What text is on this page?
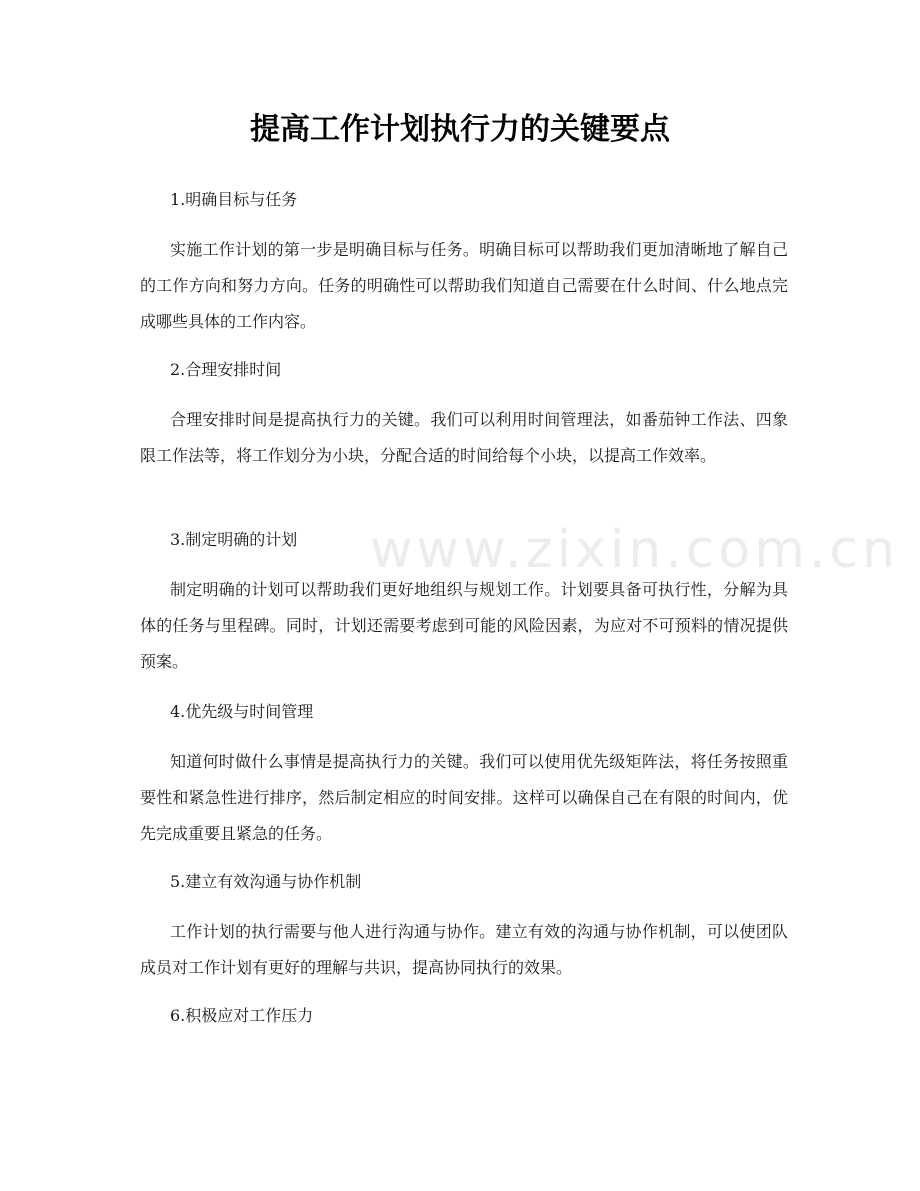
提高工作计划执行力的关键要点
www.zixin.com.cn

1.明确目标与任务

实施工作计划的第一步是明确目标与任务。明确目标可以帮助我们更加清晰地了解自己的工作方向和努力方向。任务的明确性可以帮助我们知道自己需要在什么时间、什么地点完成哪些具体的工作内容。

2.合理安排时间

合理安排时间是提高执行力的关键。我们可以利用时间管理法，如番茄钟工作法、四象限工作法等，将工作划分为小块，分配合适的时间给每个小块，以提高工作效率。

3.制定明确的计划

制定明确的计划可以帮助我们更好地组织与规划工作。计划要具备可执行性，分解为具体的任务与里程碑。同时，计划还需要考虑到可能的风险因素，为应对不可预料的情况提供预案。

4.优先级与时间管理

知道何时做什么事情是提高执行力的关键。我们可以使用优先级矩阵法，将任务按照重要性和紧急性进行排序，然后制定相应的时间安排。这样可以确保自己在有限的时间内，优先完成重要且紧急的任务。

5.建立有效沟通与协作机制

工作计划的执行需要与他人进行沟通与协作。建立有效的沟通与协作机制，可以使团队成员对工作计划有更好的理解与共识，提高协同执行的效果。

6.积极应对工作压力
